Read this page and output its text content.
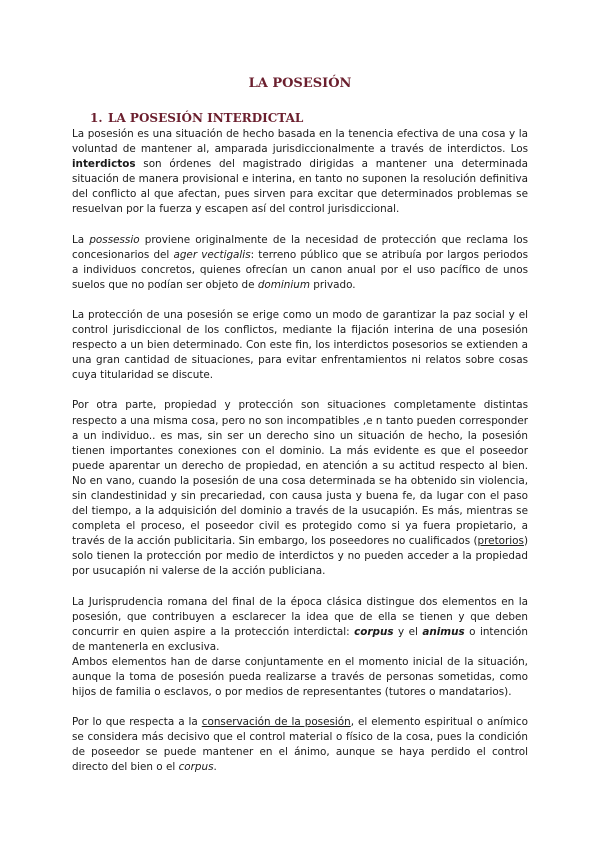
LA POSESIÓN
1. LA POSESIÓN INTERDICTAL

La posesión es una situación de hecho basada en la tenencia efectiva de una cosa y la voluntad de mantener al, amparada jurisdiccionalmente a través de interdictos. Los interdictos son órdenes del magistrado dirigidas a mantener una determinada situación de manera provisional e interina, en tanto no suponen la resolución definitiva del conflicto al que afectan, pues sirven para excitar que determinados problemas se resuelvan por la fuerza y escapen así del control jurisdiccional.

La possessio proviene originalmente de la necesidad de protección que reclama los concesionarios del ager vectigalis: terreno público que se atribuía por largos periodos a individuos concretos, quienes ofrecían un canon anual por el uso pacífico de unos suelos que no podían ser objeto de dominium privado.

La protección de una posesión se erige como un modo de garantizar la paz social y el control jurisdiccional de los conflictos, mediante la fijación interina de una posesión respecto a un bien determinado. Con este fin, los interdictos posesorios se extienden a una gran cantidad de situaciones, para evitar enfrentamientos ni relatos sobre cosas cuya titularidad se discute.

Por otra parte, propiedad y protección son situaciones completamente distintas respecto a una misma cosa, pero no son incompatibles ,e n tanto pueden corresponder a un individuo.. es mas, sin ser un derecho sino un situación de hecho, la posesión tienen importantes conexiones con el dominio. La más evidente es que el poseedor puede aparentar un derecho de propiedad, en atención a su actitud respecto al bien. No en vano, cuando la posesión de una cosa determinada se ha obtenido sin violencia, sin clandestinidad y sin precariedad, con causa justa y buena fe, da lugar con el paso del tiempo, a la adquisición del dominio a través de la usucapión. Es más, mientras se completa el proceso, el poseedor civil es protegido como si ya fuera propietario, a través de la acción publicitaria. Sin embargo, los poseedores no cualificados (pretorios) solo tienen la protección por medio de interdictos y no pueden acceder a la propiedad por usucapión ni valerse de la acción publiciana.

La Jurisprudencia romana del final de la época clásica distingue dos elementos en la posesión, que contribuyen a esclarecer la idea que de ella se tienen y que deben concurrir en quien aspire a la protección interdictal: corpus y el animus o intención de mantenerla en exclusiva.

Ambos elementos han de darse conjuntamente en el momento inicial de la situación, aunque la toma de posesión pueda realizarse a través de personas sometidas, como hijos de familia o esclavos, o por medios de representantes (tutores o mandatarios).

Por lo que respecta a la conservación de la posesión, el elemento espiritual o anímico se considera más decisivo que el control material o físico de la cosa, pues la condición de poseedor se puede mantener en el ánimo, aunque se haya perdido el control directo del bien o el corpus.
